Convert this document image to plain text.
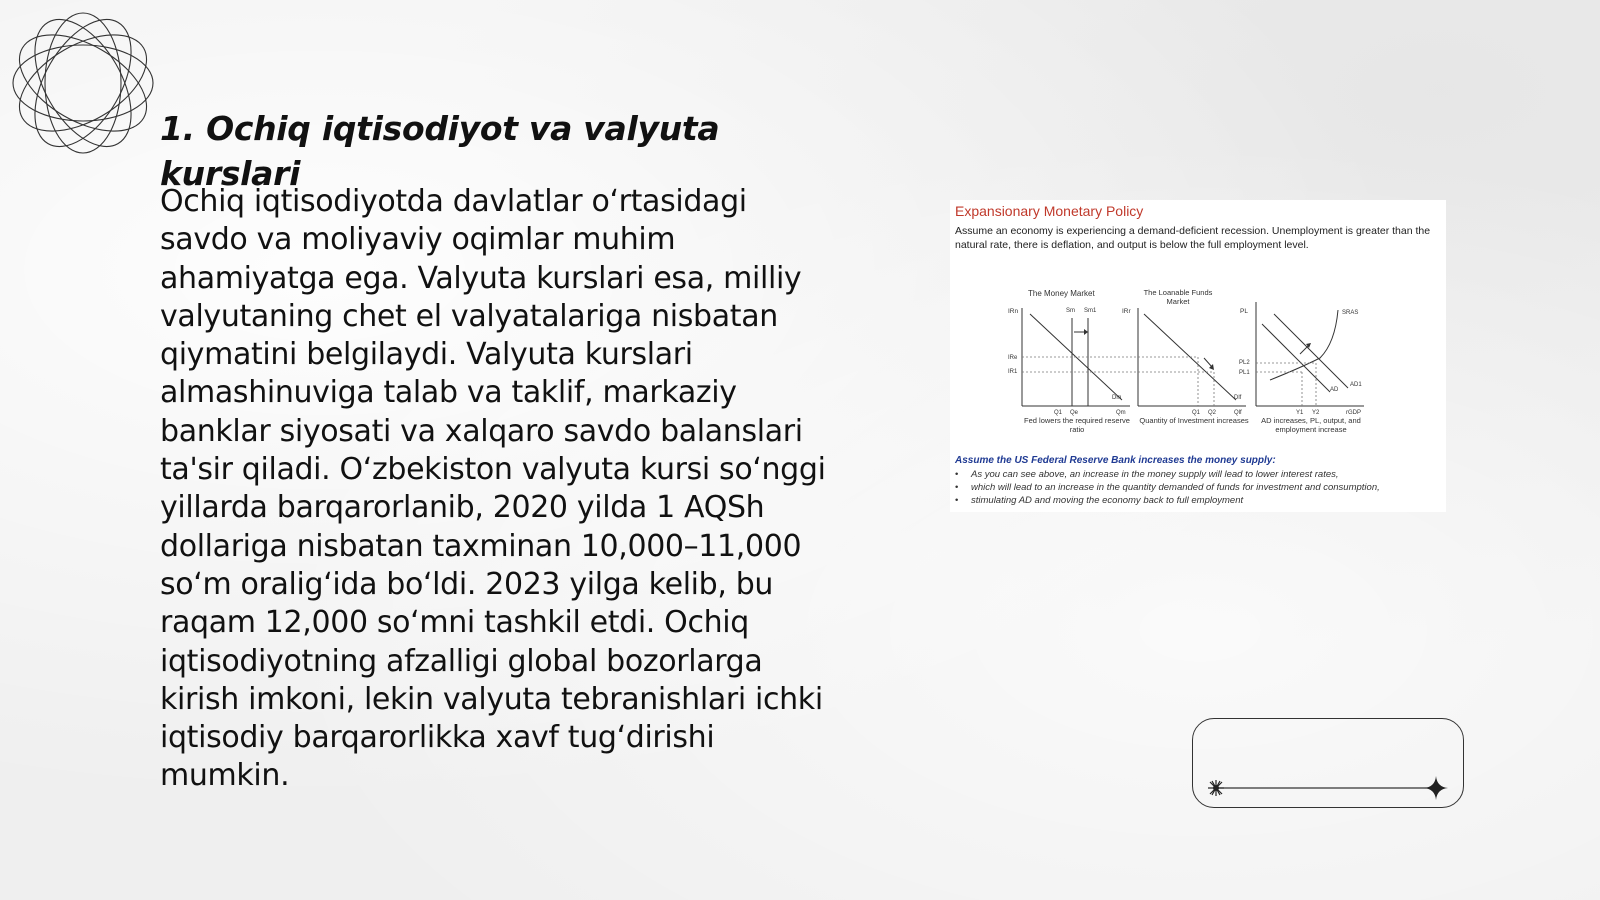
1. Ochiq iqtisodiyot va valyuta kurslari

Ochiq iqtisodiyotda davlatlar o‘rtasidagi savdo va moliyaviy oqimlar muhim ahamiyatga ega. Valyuta kurslari esa, milliy valyutaning chet el valyatalariga nisbatan qiymatini belgilaydi. Valyuta kurslari almashinuviga talab va taklif, markaziy banklar siyosati va xalqaro savdo balanslari ta'sir qiladi. O‘zbekiston valyuta kursi so‘nggi yillarda barqarorlanib, 2020 yilda 1 AQSh dollariga nisbatan taxminan 10,000–11,000 so‘m oralig‘ida bo‘ldi. 2023 yilga kelib, bu raqam 12,000 so‘mni tashkil etdi. Ochiq iqtisodiyotning afzalligi global bozorlarga kirish imkoni, lekin valyuta tebranishlari ichki iqtisodiy barqarorlikka xavf tug‘dirishi mumkin.

Expansionary Monetary Policy
Assume an economy is experiencing a demand-deficient recession. Unemployment is greater than the natural rate, there is deflation, and output is below the full employment level.
The Money Market
IRn	Sm Sm1
Dm
IRe
IR1
Q1 Qe	Qm
Fed lowers the required reserve ratio
The Loanable Funds Market
IRr
Dlf
Q1 Q2	Qlf
Quantity of Investment increases
PL	SRAS
AD
AD1
PL2
PL1
Y1 Y2	rGDP
AD increases, PL, output, and employment increase
Assume the US Federal Reserve Bank increases the money supply:
• As you can see above, an increase in the money supply will lead to lower interest rates,
• which will lead to an increase in the quantity demanded of funds for investment and consumption,
• stimulating AD and moving the economy back to full employment
